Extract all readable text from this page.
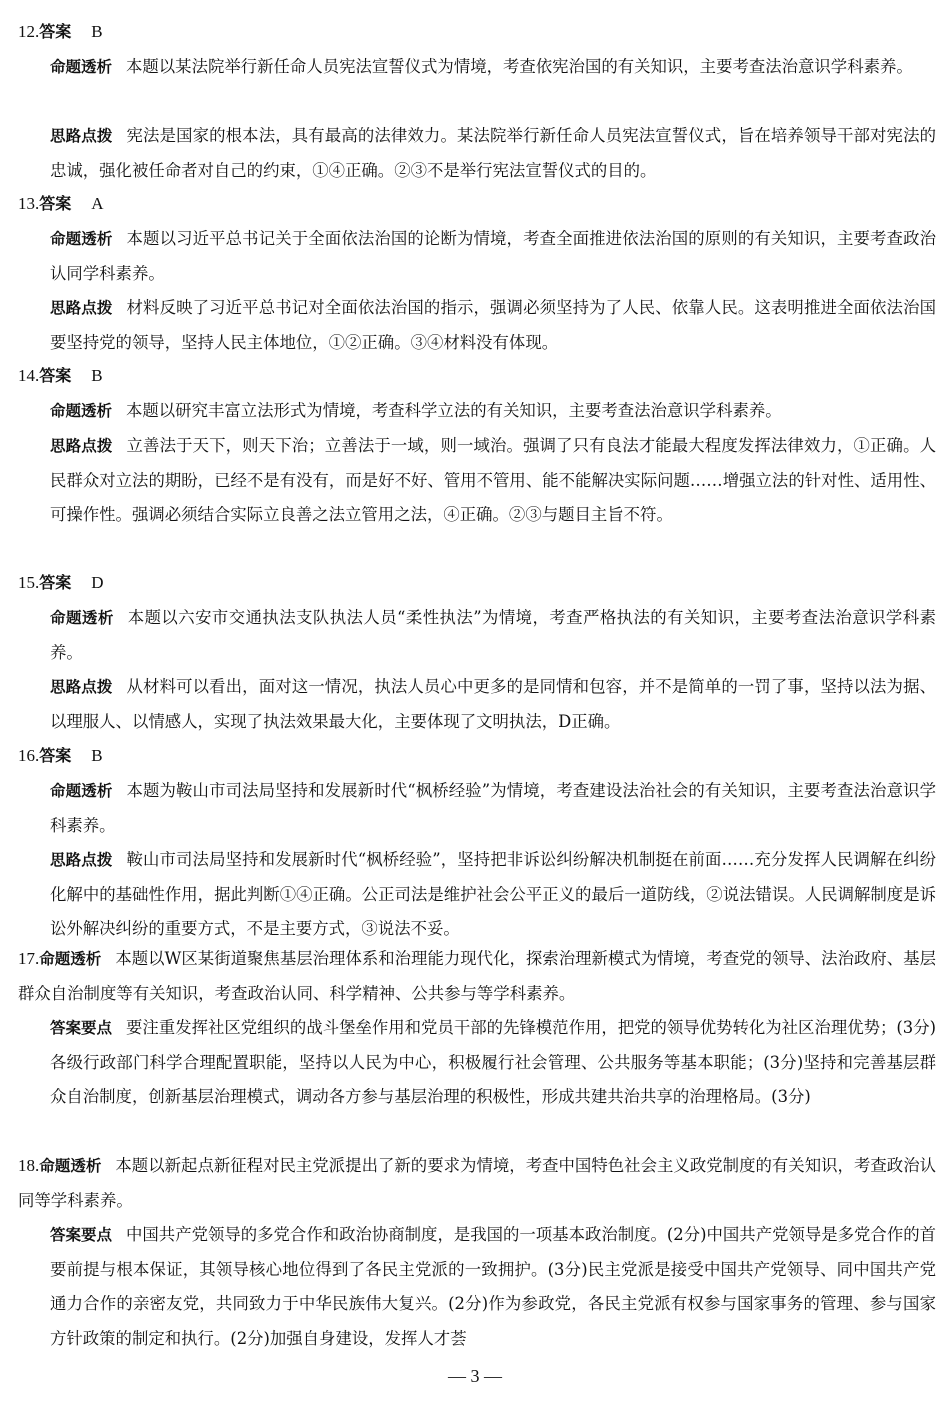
12.答案 B
命题透析 本题以某法院举行新任命人员宪法宣誓仪式为情境，考查依宪治国的有关知识，主要考查法治意识学科素养。
思路点拨 宪法是国家的根本法，具有最高的法律效力。某法院举行新任命人员宪法宣誓仪式，旨在培养领导干部对宪法的忠诚，强化被任命者对自己的约束，①④正确。②③不是举行宪法宣誓仪式的目的。
13.答案 A
命题透析 本题以习近平总书记关于全面依法治国的论断为情境，考查全面推进依法治国的原则的有关知识，主要考查政治认同学科素养。
思路点拨 材料反映了习近平总书记对全面依法治国的指示，强调必须坚持为了人民、依靠人民。这表明推进全面依法治国要坚持党的领导，坚持人民主体地位，①②正确。③④材料没有体现。
14.答案 B
命题透析 本题以研究丰富立法形式为情境，考查科学立法的有关知识，主要考查法治意识学科素养。
思路点拨 立善法于天下，则天下治；立善法于一域，则一域治。强调了只有良法才能最大程度发挥法律效力，①正确。人民群众对立法的期盼，已经不是有没有，而是好不好、管用不管用、能不能解决实际问题……增强立法的针对性、适用性、可操作性。强调必须结合实际立良善之法立管用之法，④正确。②③与题目主旨不符。
15.答案 D
命题透析 本题以六安市交通执法支队执法人员“柔性执法”为情境，考查严格执法的有关知识，主要考查法治意识学科素养。
思路点拨 从材料可以看出，面对这一情况，执法人员心中更多的是同情和包容，并不是简单的一罚了事，坚持以法为据、以理服人、以情感人，实现了执法效果最大化，主要体现了文明执法，D正确。
16.答案 B
命题透析 本题为鞍山市司法局坚持和发展新时代“枫桥经验”为情境，考查建设法治社会的有关知识，主要考查法治意识学科素养。
思路点拨 鞍山市司法局坚持和发展新时代“枫桥经验”，坚持把非诉讼纠纷解决机制挺在前面……充分发挥人民调解在纠纷化解中的基础性作用，据此判断①④正确。公正司法是维护社会公平正义的最后一道防线，②说法错误。人民调解制度是诉讼外解决纠纷的重要方式，不是主要方式，③说法不妥。
17.命题透析 本题以W区某街道聚焦基层治理体系和治理能力现代化，探索治理新模式为情境，考查党的领导、法治政府、基层群众自治制度等有关知识，考查政治认同、科学精神、公共参与等学科素养。
答案要点 要注重发挥社区党组织的战斗堡垒作用和党员干部的先锋模范作用，把党的领导优势转化为社区治理优势；(3分)各级行政部门科学合理配置职能，坚持以人民为中心，积极履行社会管理、公共服务等基本职能；(3分)坚持和完善基层群众自治制度，创新基层治理模式，调动各方参与基层治理的积极性，形成共建共治共享的治理格局。(3分)
18.命题透析 本题以新起点新征程对民主党派提出了新的要求为情境，考查中国特色社会主义政党制度的有关知识，考查政治认同等学科素养。
答案要点 中国共产党领导的多党合作和政治协商制度，是我国的一项基本政治制度。(2分)中国共产党领导是多党合作的首要前提与根本保证，其领导核心地位得到了各民主党派的一致拥护。(3分)民主党派是接受中国共产党领导、同中国共产党通力合作的亲密友党，共同致力于中华民族伟大复兴。(2分)作为参政党，各民主党派有权参与国家事务的管理、参与国家方针政策的制定和执行。(2分)加强自身建设，发挥人才荟
— 3 —
